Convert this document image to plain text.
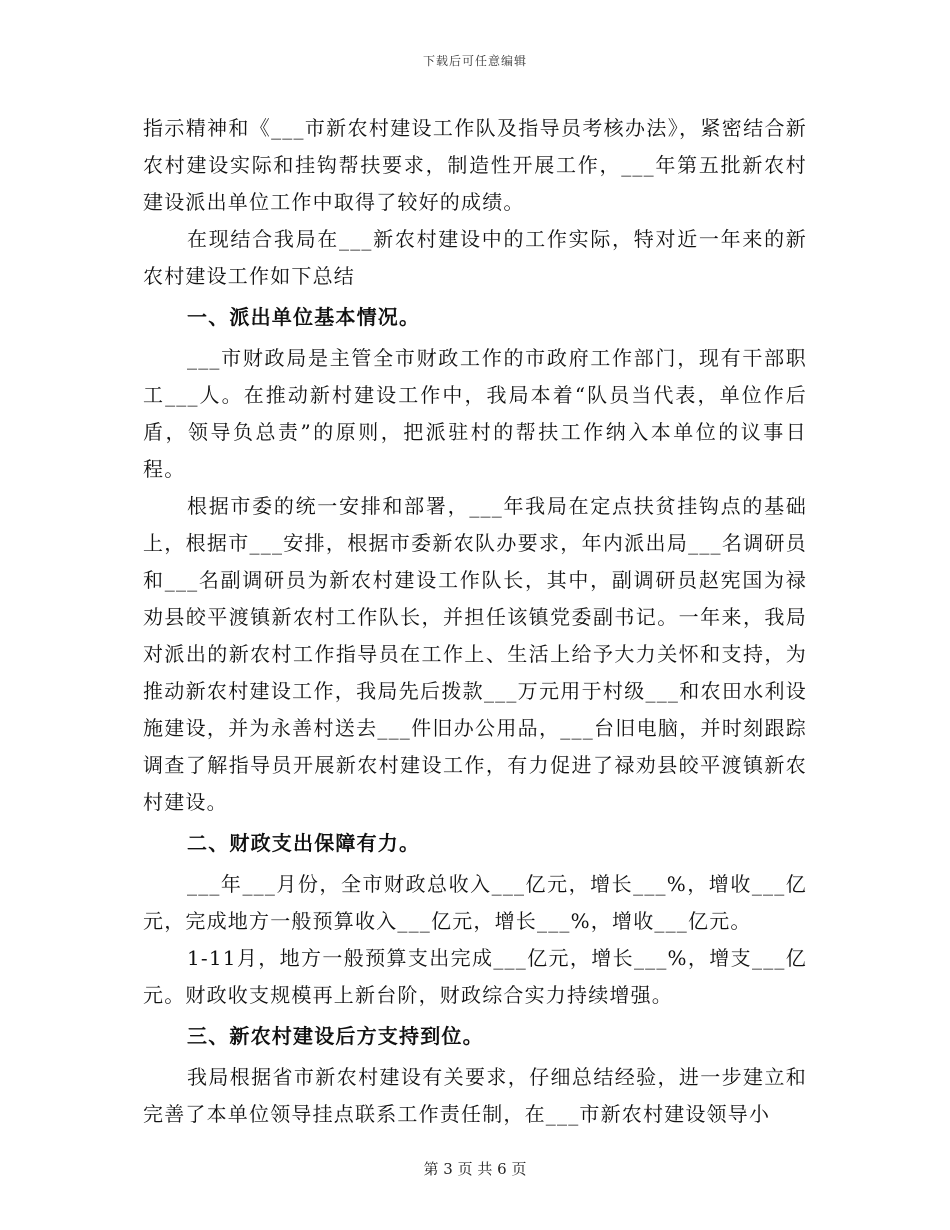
下载后可任意编辑

指示精神和《___市新农村建设工作队及指导员考核办法》，紧密结合新农村建设实际和挂钩帮扶要求，制造性开展工作，___年第五批新农村建设派出单位工作中取得了较好的成绩。

在现结合我局在___新农村建设中的工作实际，特对近一年来的新农村建设工作如下总结

一、派出单位基本情况。

___市财政局是主管全市财政工作的市政府工作部门，现有干部职工___人。在推动新村建设工作中，我局本着“队员当代表，单位作后盾，领导负总责”的原则，把派驻村的帮扶工作纳入本单位的议事日程。

根据市委的统一安排和部署，___年我局在定点扶贫挂钩点的基础上，根据市___安排，根据市委新农队办要求，年内派出局___名调研员和___名副调研员为新农村建设工作队长，其中，副调研员赵宪国为禄劝县皎平渡镇新农村工作队长，并担任该镇党委副书记。一年来，我局对派出的新农村工作指导员在工作上、生活上给予大力关怀和支持，为推动新农村建设工作，我局先后拨款___万元用于村级___和农田水利设施建设，并为永善村送去___件旧办公用品，___台旧电脑，并时刻跟踪调查了解指导员开展新农村建设工作，有力促进了禄劝县皎平渡镇新农村建设。

二、财政支出保障有力。

___年___月份，全市财政总收入___亿元，增长___%，增收___亿元，完成地方一般预算收入___亿元，增长___%，增收___亿元。

1-11月，地方一般预算支出完成___亿元，增长___%，增支___亿元。财政收支规模再上新台阶，财政综合实力持续增强。

三、新农村建设后方支持到位。

我局根据省市新农村建设有关要求，仔细总结经验，进一步建立和完善了本单位领导挂点联系工作责任制，在___市新农村建设领导小

第 3 页 共 6 页
